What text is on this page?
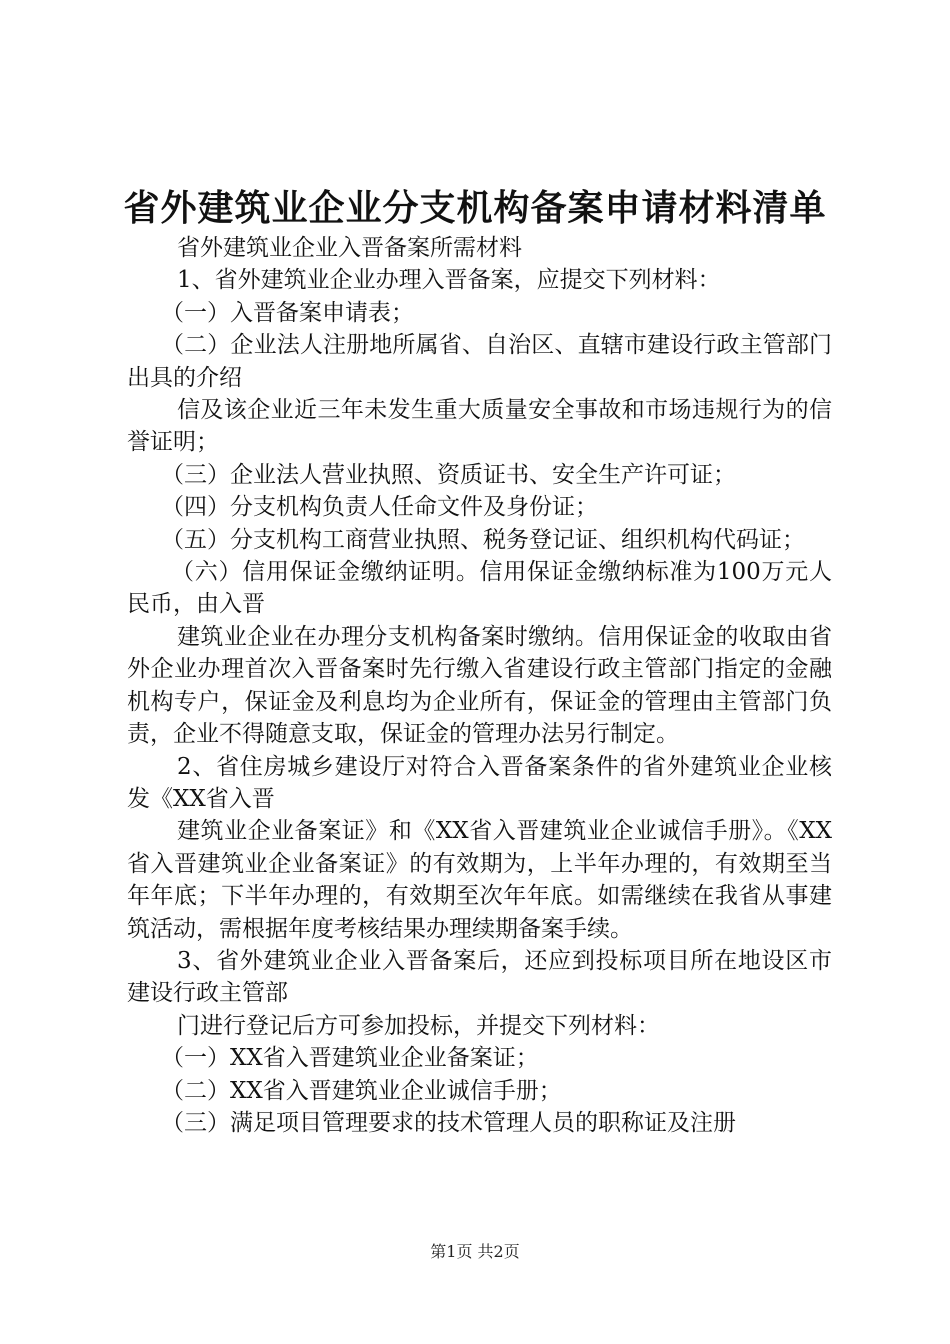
省外建筑业企业分支机构备案申请材料清单

省外建筑业企业入晋备案所需材料

1、省外建筑业企业办理入晋备案，应提交下列材料：

（一）入晋备案申请表；

（二）企业法人注册地所属省、自治区、直辖市建设行政主管部门出具的介绍

信及该企业近三年未发生重大质量安全事故和市场违规行为的信誉证明；

（三）企业法人营业执照、资质证书、安全生产许可证；

（四）分支机构负责人任命文件及身份证；

（五）分支机构工商营业执照、税务登记证、组织机构代码证；

（六）信用保证金缴纳证明。信用保证金缴纳标准为100万元人民币，由入晋

建筑业企业在办理分支机构备案时缴纳。信用保证金的收取由省外企业办理首次入晋备案时先行缴入省建设行政主管部门指定的金融机构专户，保证金及利息均为企业所有，保证金的管理由主管部门负责，企业不得随意支取，保证金的管理办法另行制定。

2、省住房城乡建设厅对符合入晋备案条件的省外建筑业企业核发《XX省入晋

建筑业企业备案证》和《XX省入晋建筑业企业诚信手册》。《XX省入晋建筑业企业备案证》的有效期为，上半年办理的，有效期至当年年底；下半年办理的，有效期至次年年底。如需继续在我省从事建筑活动，需根据年度考核结果办理续期备案手续。

3、省外建筑业企业入晋备案后，还应到投标项目所在地设区市建设行政主管部

门进行登记后方可参加投标，并提交下列材料：

（一）XX省入晋建筑业企业备案证；

（二）XX省入晋建筑业企业诚信手册；

（三）满足项目管理要求的技术管理人员的职称证及注册

第1页 共2页
